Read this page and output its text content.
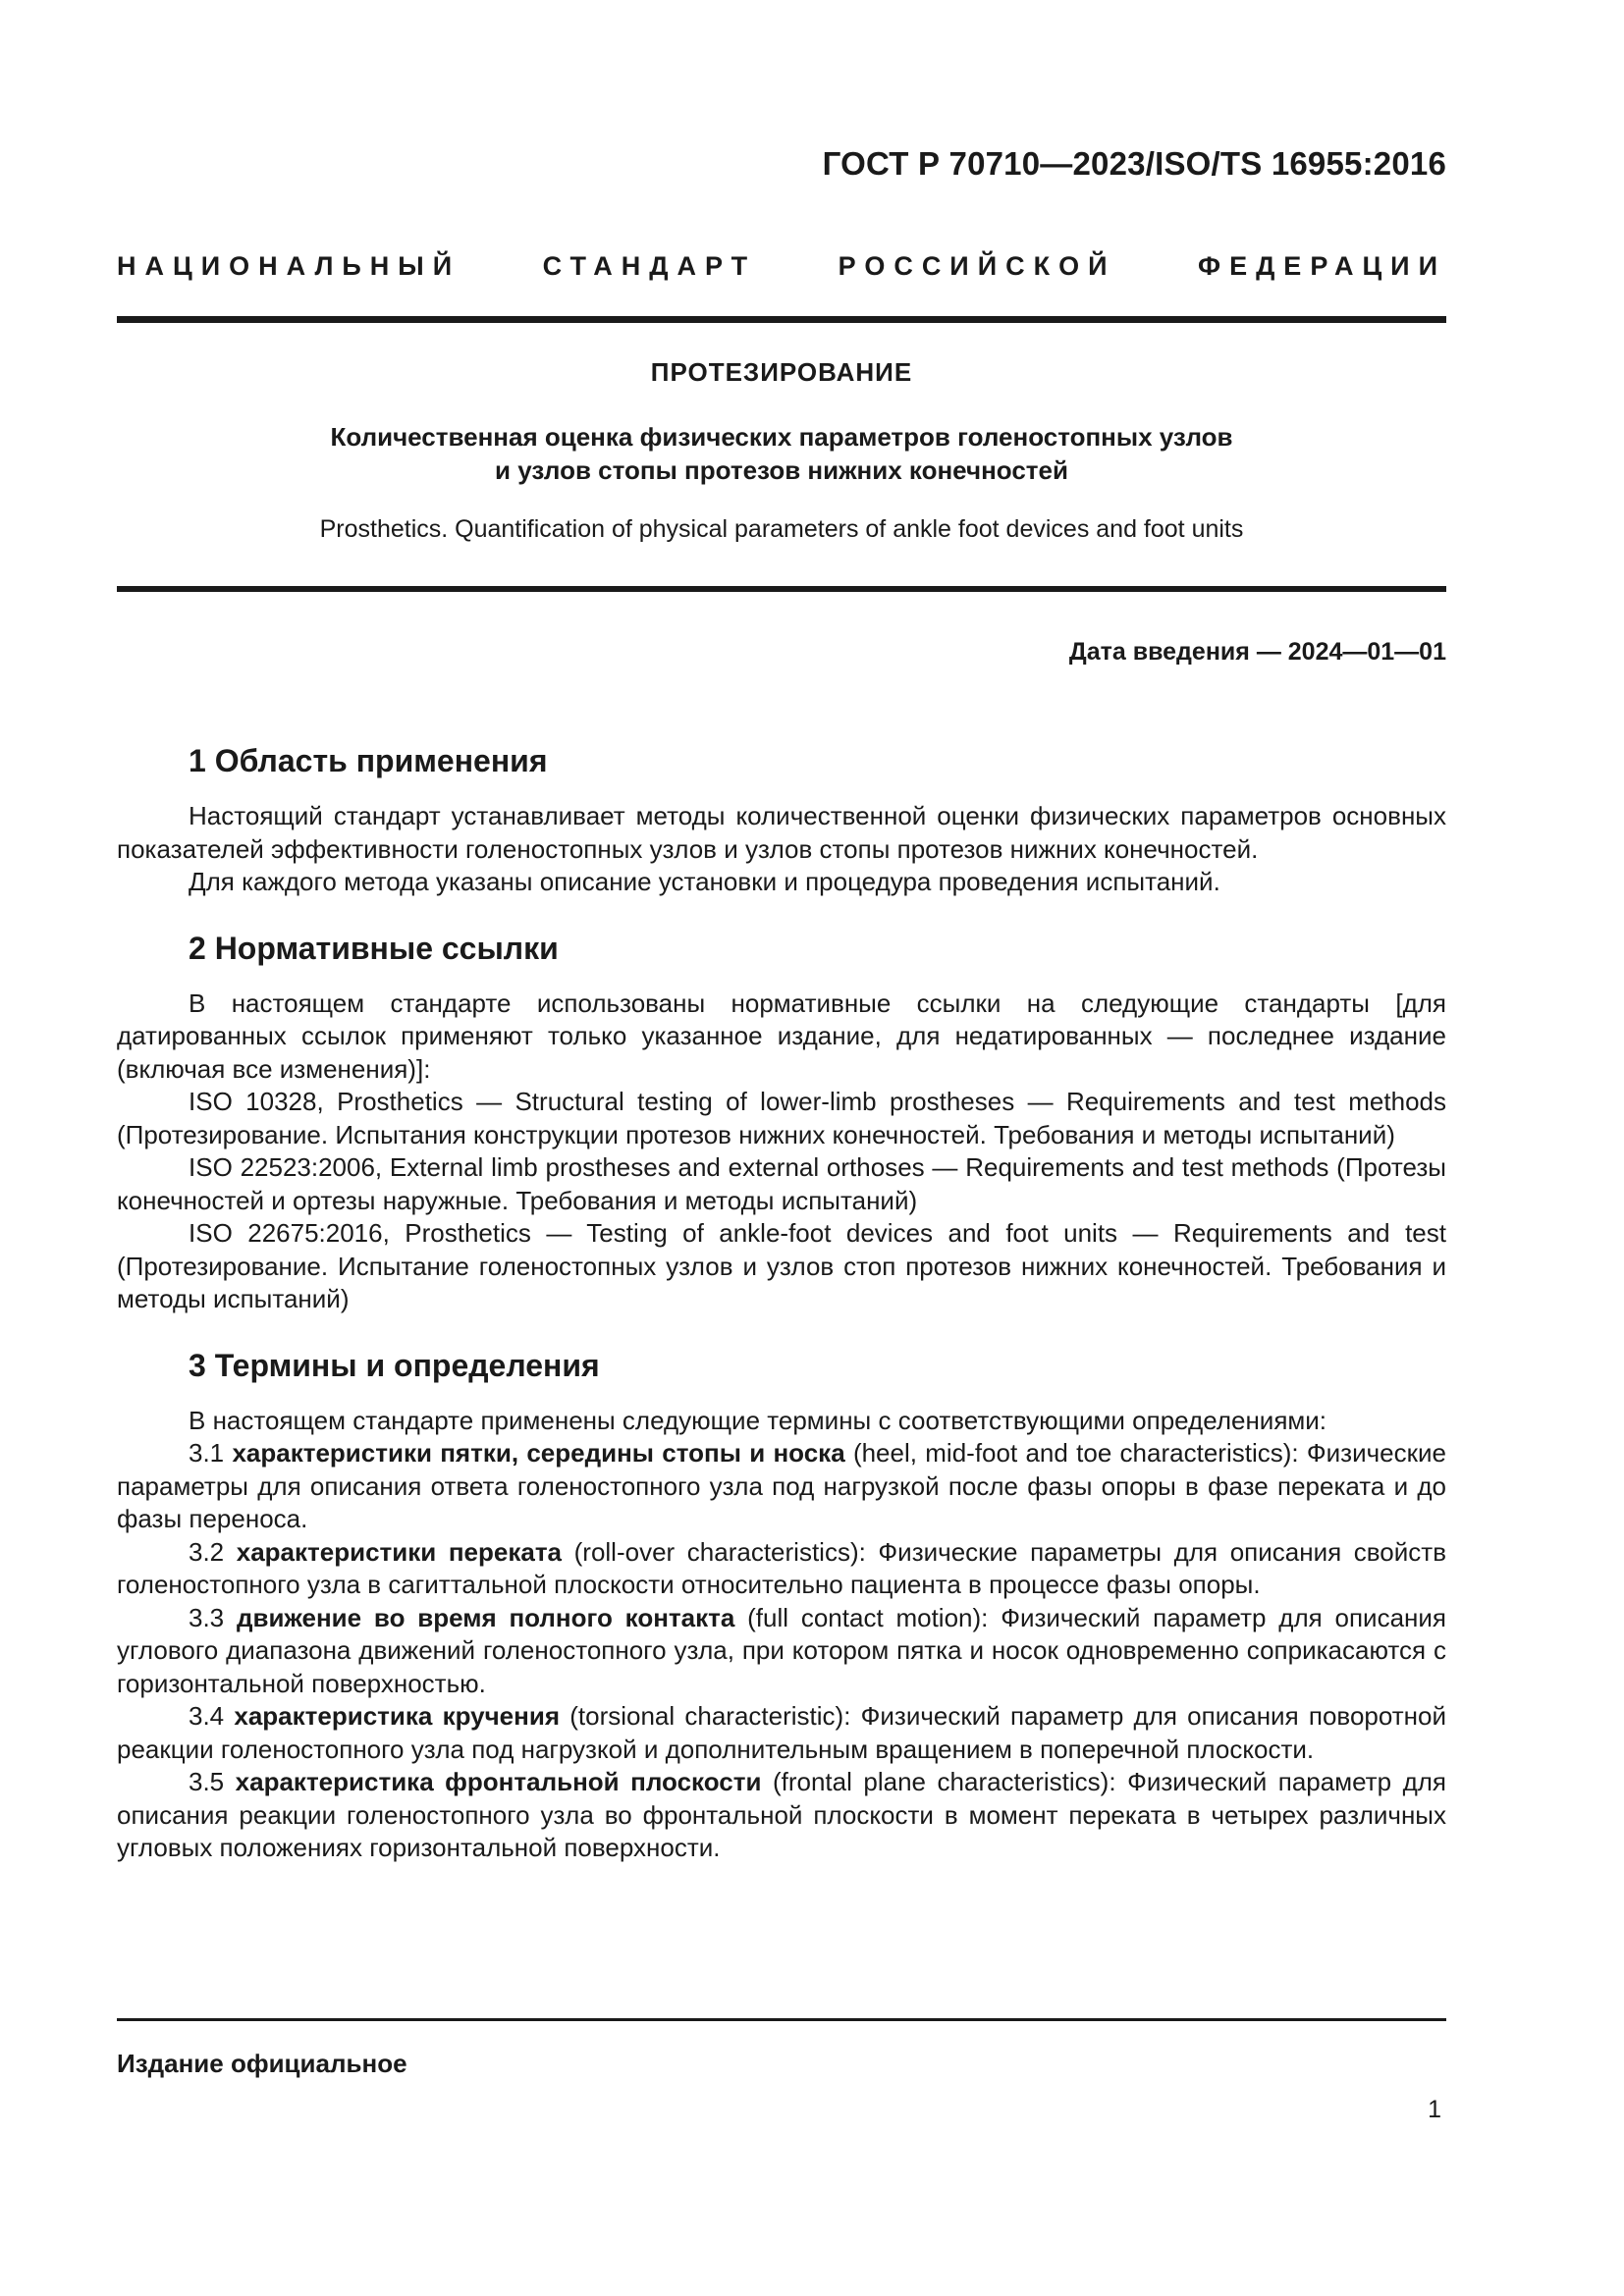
ГОСТ Р 70710—2023/ISO/TS 16955:2016
НАЦИОНАЛЬНЫЙ СТАНДАРТ РОССИЙСКОЙ ФЕДЕРАЦИИ
ПРОТЕЗИРОВАНИЕ
Количественная оценка физических параметров голеностопных узлов
и узлов стопы протезов нижних конечностей
Prosthetics. Quantification of physical parameters of ankle foot devices and foot units
Дата введения — 2024—01—01
1 Область применения

Настоящий стандарт устанавливает методы количественной оценки физических параметров основных показателей эффективности голеностопных узлов и узлов стопы протезов нижних конечностей.

Для каждого метода указаны описание установки и процедура проведения испытаний.

2 Нормативные ссылки

В настоящем стандарте использованы нормативные ссылки на следующие стандарты [для датированных ссылок применяют только указанное издание, для недатированных — последнее издание (включая все изменения)]:

ISO 10328, Prosthetics — Structural testing of lower-limb prostheses — Requirements and test methods (Протезирование. Испытания конструкции протезов нижних конечностей. Требования и методы испытаний)

ISO 22523:2006, External limb prostheses and external orthoses — Requirements and test methods (Протезы конечностей и ортезы наружные. Требования и методы испытаний)

ISO 22675:2016, Prosthetics — Testing of ankle-foot devices and foot units — Requirements and test (Протезирование. Испытание голеностопных узлов и узлов стоп протезов нижних конечностей. Требования и методы испытаний)

3 Термины и определения

В настоящем стандарте применены следующие термины с соответствующими определениями:

3.1 характеристики пятки, середины стопы и носка (heel, mid-foot and toe characteristics): Физические параметры для описания ответа голеностопного узла под нагрузкой после фазы опоры в фазе переката и до фазы переноса.

3.2 характеристики переката (roll-over characteristics): Физические параметры для описания свойств голеностопного узла в сагиттальной плоскости относительно пациента в процессе фазы опоры.

3.3 движение во время полного контакта (full contact motion): Физический параметр для описания углового диапазона движений голеностопного узла, при котором пятка и носок одновременно соприкасаются с горизонтальной поверхностью.

3.4 характеристика кручения (torsional characteristic): Физический параметр для описания поворотной реакции голеностопного узла под нагрузкой и дополнительным вращением в поперечной плоскости.

3.5 характеристика фронтальной плоскости (frontal plane characteristics): Физический параметр для описания реакции голеностопного узла во фронтальной плоскости в момент переката в четырех различных угловых положениях горизонтальной поверхности.

Издание официальное
1
